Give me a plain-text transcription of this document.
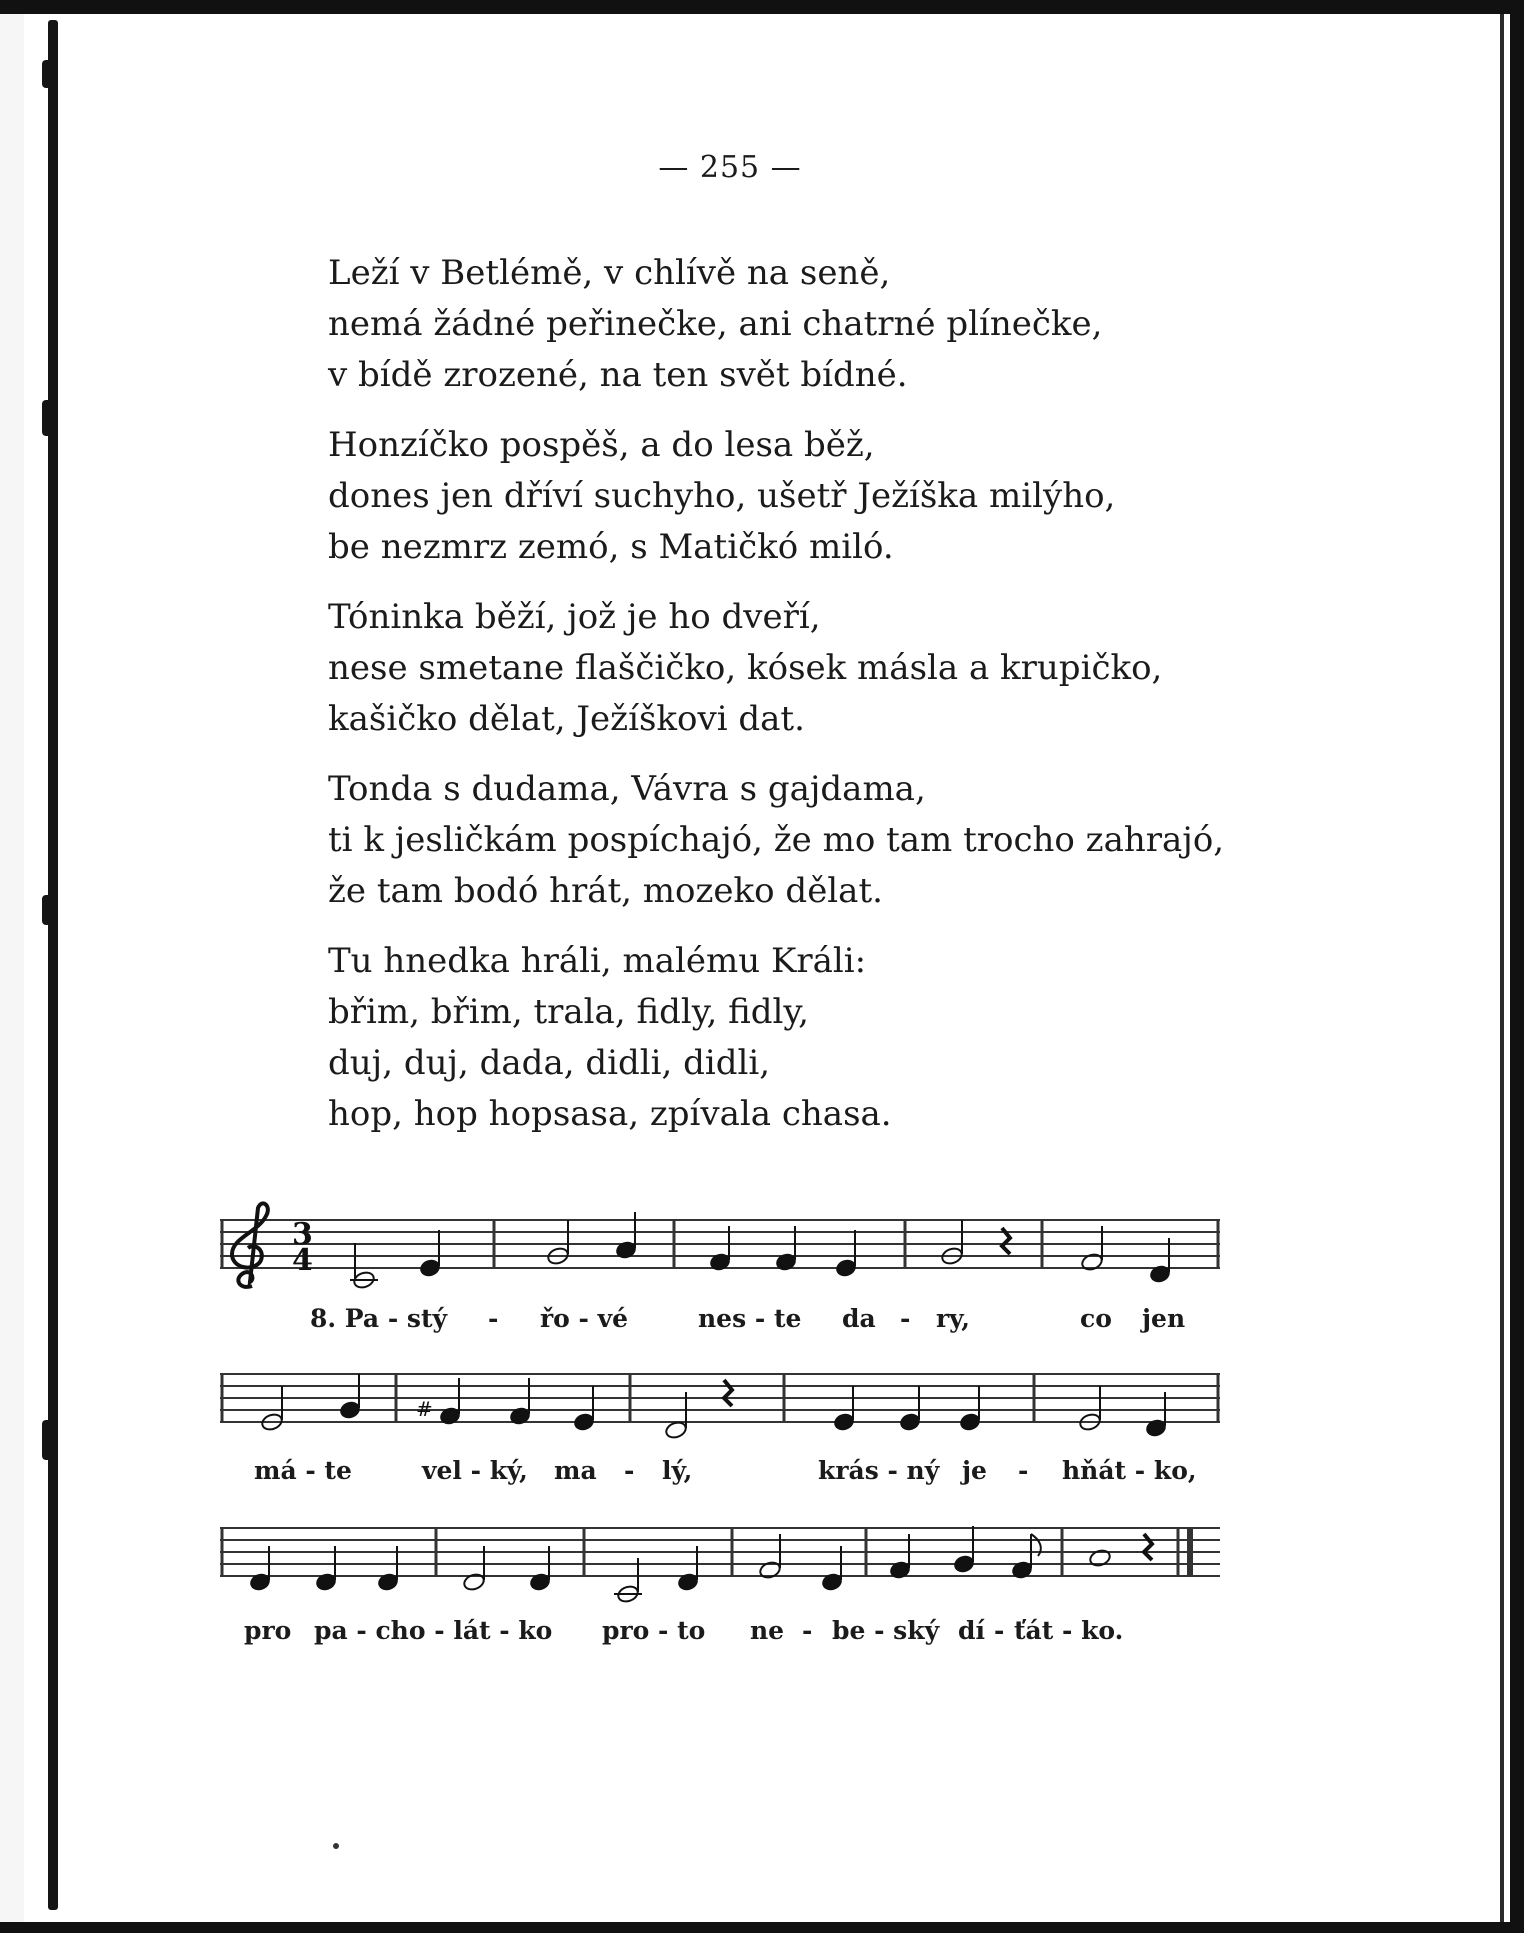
— 255 —
Leží v Betlémě, v chlívě na seně,
nemá žádné peřinečke, ani chatrné plínečke,
v bídě zrozené, na ten svět bídné.
Honzíčko pospěš, a do lesa běž,
dones jen dříví suchyho, ušetř Ježíška milýho,
be nezmrz zemó, s Matičkó miló.
Tóninka běží, jož je ho dveří,
nese smetane flaščičko, kósek másla a krupičko,
kašičko dělat, Ježíškovi dat.
Tonda s dudama, Vávra s gajdama,
ti k jesličkám pospíchajó, že mo tam trocho zahrajó,
že tam bodó hrát, mozeko dělat.
Tu hnedka hráli, malému Králi:
břim, břim, trala, fidly, fidly,
duj, duj, dada, didli, didli,
hop, hop hopsasa, zpívala chasa.
3
4
8. Pa - stý - řo - vé	nes - te da - ry,	co jen
#
má - te	vel - ký, ma - lý,	krás - ný je - hňát - ko,
pro pa - cho - lát - ko pro - to ne - be - ský dí - ťát - ko.
